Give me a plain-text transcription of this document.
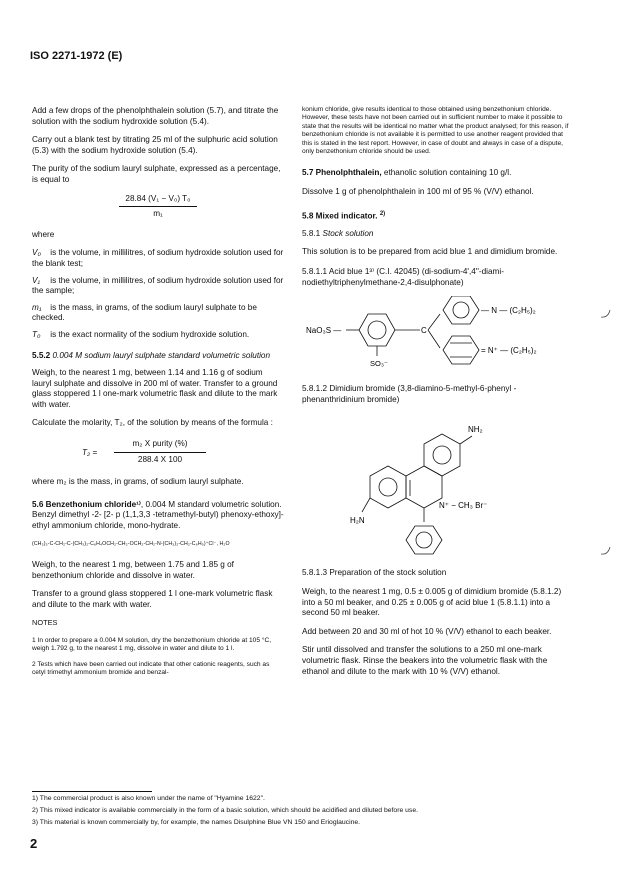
ISO 2271-1972 (E)

Add a few drops of the phenolphthalein solution (5.7), and titrate the solution with the sodium hydroxide solution (5.4).

Carry out a blank test by titrating 25 ml of the sulphuric acid solution (5.3) with the sodium hydroxide solution (5.4).

The purity of the sodium lauryl sulphate, expressed as a percentage, is equal to

28.84 (V₁ − V₀) T₀
m₁

where

V₀ is the volume, in millilitres, of sodium hydroxide solution used for the blank test;
V₁ is the volume, in millilitres, of sodium hydroxide solution used for the sample;
m₁ is the mass, in grams, of the sodium lauryl sulphate to be checked.
T₀ is the exact normality of the sodium hydroxide solution.

5.5.2 0.004 M sodium lauryl sulphate standard volumetric solution

Weigh, to the nearest 1 mg, between 1.14 and 1.16 g of sodium lauryl sulphate and dissolve in 200 ml of water. Transfer to a ground glass stoppered 1 l one-mark volumetric flask and dilute to the mark with water.

Calculate the molarity, T₂, of the solution by means of the formula :

T₂ =
m₂ X purity (%)
288.4 X 100

where m₂ is the mass, in grams, of sodium lauryl sulphate.

5.6 Benzethonium chloride¹⁾, 0.004 M standard volumetric solution. Benzyl dimethyl -2- [2- p (1,1,3,3 -tetramethyl-butyl) phenoxy-ethoxy]-ethyl ammonium chloride, mono-hydrate.

(CH₃)₃-C-CH₂-C-(CH₃)₂-C₆H₄OCH₂-CH₂-OCH₂-CH₂-N-(CH₃)₂-CH₂-C₆H₅)⁺Cl⁻, H₂O

Weigh, to the nearest 1 mg, between 1.75 and 1.85 g of benzethonium chloride and dissolve in water.

Transfer to a ground glass stoppered 1 l one-mark volumetric flask and dilute to the mark with water.

NOTES

1 In order to prepare a 0.004 M solution, dry the benzethonium chloride at 105 °C, weigh 1.792 g, to the nearest 1 mg, dissolve in water and dilute to 1 l.

2 Tests which have been carried out indicate that other cationic reagents, such as cetyl trimethyl ammonium bromide and benzal-

konium chloride, give results identical to those obtained using benzethonium chloride. However, these tests have not been carried out in sufficient number to make it possible to state that the results will be identical no matter what the product analysed; for this reason, if benzethonium chloride is not available it is permitted to use another reagent provided that this is stated in the test report. However, in case of doubt and always in case of a dispute, only benzethonium chloride should be used.

5.7 Phenolphthalein, ethanolic solution containing 10 g/l.

Dissolve 1 g of phenolphthalein in 100 ml of 95 % (V/V) ethanol.

5.8 Mixed indicator. $^{2)}$

5.8.1 Stock solution

This solution is to be prepared from acid blue 1 and dimidium bromide.

5.8.1.1 Acid blue 1³⁾ (C.I. 42045) (di-sodium-4',4''-diami-nodiethyltriphenylmethane-2,4-disulphonate)

NaO₃S —	C
SO₃⁻
— N — (C₂H₅)₂
= N⁺ — (C₂H₅)₂

5.8.1.2 Dimidium bromide (3,8-diamino-5-methyl-6-phenyl -phenanthridinium bromide)

NH₂
N⁺ − CH₃ Br⁻
H₂N

5.8.1.3 Preparation of the stock solution

Weigh, to the nearest 1 mg, 0.5 ± 0.005 g of dimidium bromide (5.8.1.2) into a 50 ml beaker, and 0.25 ± 0.005 g of acid blue 1 (5.8.1.1) into a second 50 ml beaker.

Add between 20 and 30 ml of hot 10 % (V/V) ethanol to each beaker.

Stir until dissolved and transfer the solutions to a 250 ml one-mark volumetric flask. Rinse the beakers into the volumetric flask with the ethanol and dilute to the mark with 10 % (V/V) ethanol.

1) The commercial product is also known under the name of "Hyamine 1622".
2) This mixed indicator is available commercially in the form of a basic solution, which should be acidified and diluted before use.
3) This material is known commercially by, for example, the names Disulphine Blue VN 150 and Erioglaucine.
2
